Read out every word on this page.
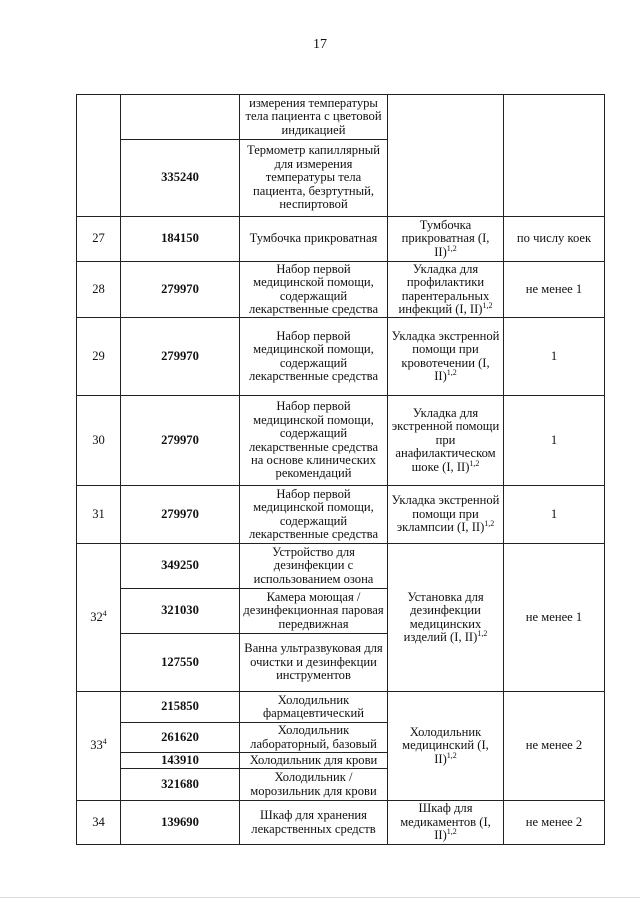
17
		измерения температуры тела пациента с цветовой индикацией		
	335240	Термометр капиллярный для измерения температуры тела пациента, безртутный, неспиртовой		
27	184150	Тумбочка прикроватная	Тумбочка прикроватная (I, II)$^{1,2}$	по числу коек
28	279970	Набор первой медицинской помощи, содержащий лекарственные средства	Укладка для профилактики парентеральных инфекций (I, II)$^{1,2}$	не менее 1
29	279970	Набор первой медицинской помощи, содержащий лекарственные средства	Укладка экстренной помощи при кровотечении (I, II)$^{1,2}$	1
30	279970	Набор первой медицинской помощи, содержащий лекарственные средства на основе клинических рекомендаций	Укладка для экстренной помощи при анафилактическом шоке (I, II)$^{1,2}$	1
31	279970	Набор первой медицинской помощи, содержащий лекарственные средства	Укладка экстренной помощи при эклампсии (I, II)$^{1,2}$	1
$32^4$	349250	Устройство для дезинфекции с использованием озона	Установка для дезинфекции медицинских изделий (I, II)$^{1,2}$	не менее 1
	321030	Камера моющая /дезинфекционная паровая передвижная		
	127550	Ванна ультразвуковая для очистки и дезинфекции инструментов		
$33^4$	215850	Холодильник фармацевтический	Холодильник медицинский (I, II)$^{1,2}$	не менее 2
	261620	Холодильник лабораторный, базовый		
	143910	Холодильник для крови		
	321680	Холодильник /морозильник для крови		
34	139690	Шкаф для хранения лекарственных средств	Шкаф для медикаментов (I, II)$^{1,2}$	не менее 2
